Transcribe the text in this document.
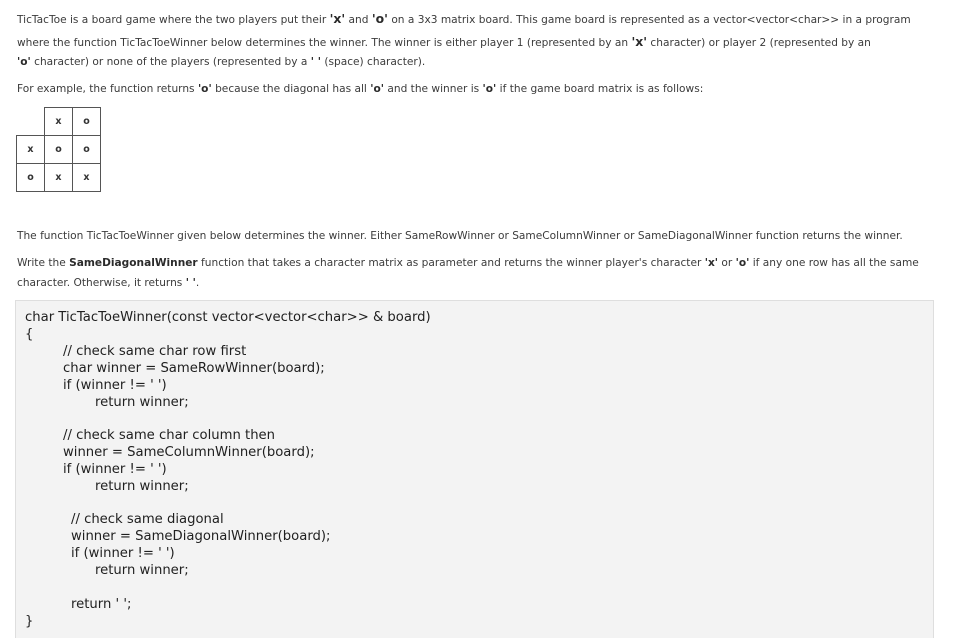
TicTacToe is a board game where the two players put their 'x' and 'o' on a 3x3 matrix board. This game board is represented as a vector<vector<char>> in a program
where the function TicTacToeWinner below determines the winner. The winner is either player 1 (represented by an 'x' character) or player 2 (represented by an
'o' character) or none of the players (represented by a ' ' (space) character).
For example, the function returns 'o' because the diagonal has all 'o' and the winner is 'o' if the game board matrix is as follows:
	x	o
x	o	o
o	x	x
The function TicTacToeWinner given below determines the winner. Either SameRowWinner or SameColumnWinner or SameDiagonalWinner function returns the winner.
Write the SameDiagonalWinner function that takes a character matrix as parameter and returns the winner player's character 'x' or 'o' if any one row has all the same
character. Otherwise, it returns ' '.
char TicTacToeWinner(const vector<vector<char>> & board)
{
// check same char row first
char winner = SameRowWinner(board);
if (winner != ' ')
return winner;
// check same char column then
winner = SameColumnWinner(board);
if (winner != ' ')
return winner;
// check same diagonal
winner = SameDiagonalWinner(board);
if (winner != ' ')
return winner;
return ' ';
}
